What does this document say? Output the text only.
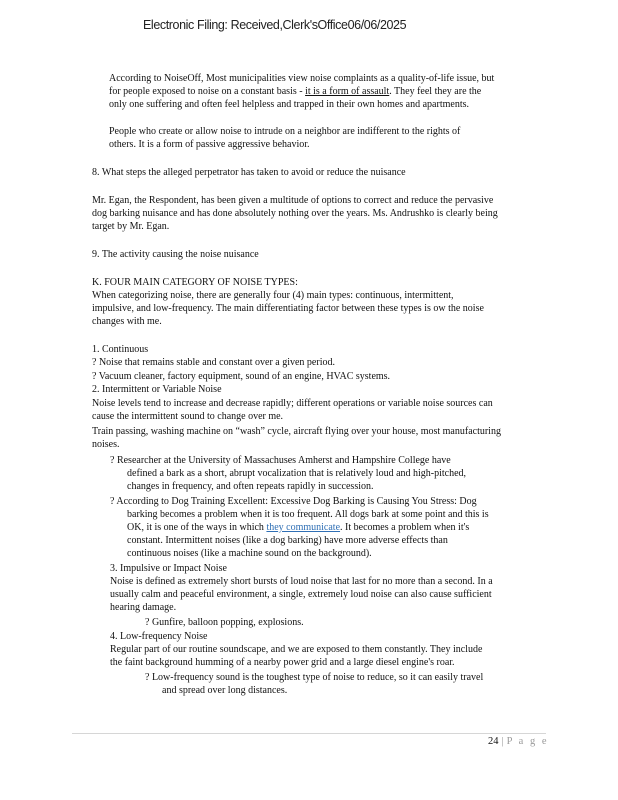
Electronic Filing: Received,Clerk'sOffice06/06/2025
According to NoiseOff, Most municipalities view noise complaints as a quality-of-life issue, but
for people exposed to noise on a constant basis - it is a form of assault. They feel they are the
only one suffering and often feel helpless and trapped in their own homes and apartments.
People who create or allow noise to intrude on a neighbor are indifferent to the rights of
others. It is a form of passive aggressive behavior.
8. What steps the alleged perpetrator has taken to avoid or reduce the nuisance
Mr. Egan, the Respondent, has been given a multitude of options to correct and reduce the pervasive
dog barking nuisance and has done absolutely nothing over the years. Ms. Andrushko is clearly being
target by Mr. Egan.
9. The activity causing the noise nuisance
K. FOUR MAIN CATEGORY OF NOISE TYPES:
When categorizing noise, there are generally four (4) main types: continuous, intermittent,
impulsive, and low-frequency. The main differentiating factor between these types is ow the noise
changes with me.
1. Continuous
? Noise that remains stable and constant over a given period.
? Vacuum cleaner, factory equipment, sound of an engine, HVAC systems.
2. Intermittent or Variable Noise
Noise levels tend to increase and decrease rapidly; different operations or variable noise sources can
cause the intermittent sound to change over me.
Train passing, washing machine on “wash” cycle, aircraft flying over your house, most manufacturing
noises.
? Researcher at the University of Massachuses Amherst and Hampshire College have
defined a bark as a short, abrupt vocalization that is relatively loud and high-pitched,
changes in frequency, and often repeats rapidly in succession.
? According to Dog Training Excellent: Excessive Dog Barking is Causing You Stress: Dog
barking becomes a problem when it is too frequent. All dogs bark at some point and this is
OK, it is one of the ways in which they communicate. It becomes a problem when it's
constant. Intermittent noises (like a dog barking) have more adverse effects than
continuous noises (like a machine sound on the background).
3. Impulsive or Impact Noise
Noise is defined as extremely short bursts of loud noise that last for no more than a second. In a
usually calm and peaceful environment, a single, extremely loud noise can also cause sufficient
hearing damage.
? Gunfire, balloon popping, explosions.
4. Low-frequency Noise
Regular part of our routine soundscape, and we are exposed to them constantly. They include
the faint background humming of a nearby power grid and a large diesel engine's roar.
? Low-frequency sound is the toughest type of noise to reduce, so it can easily travel
and spread over long distances.
24 | P a g e
